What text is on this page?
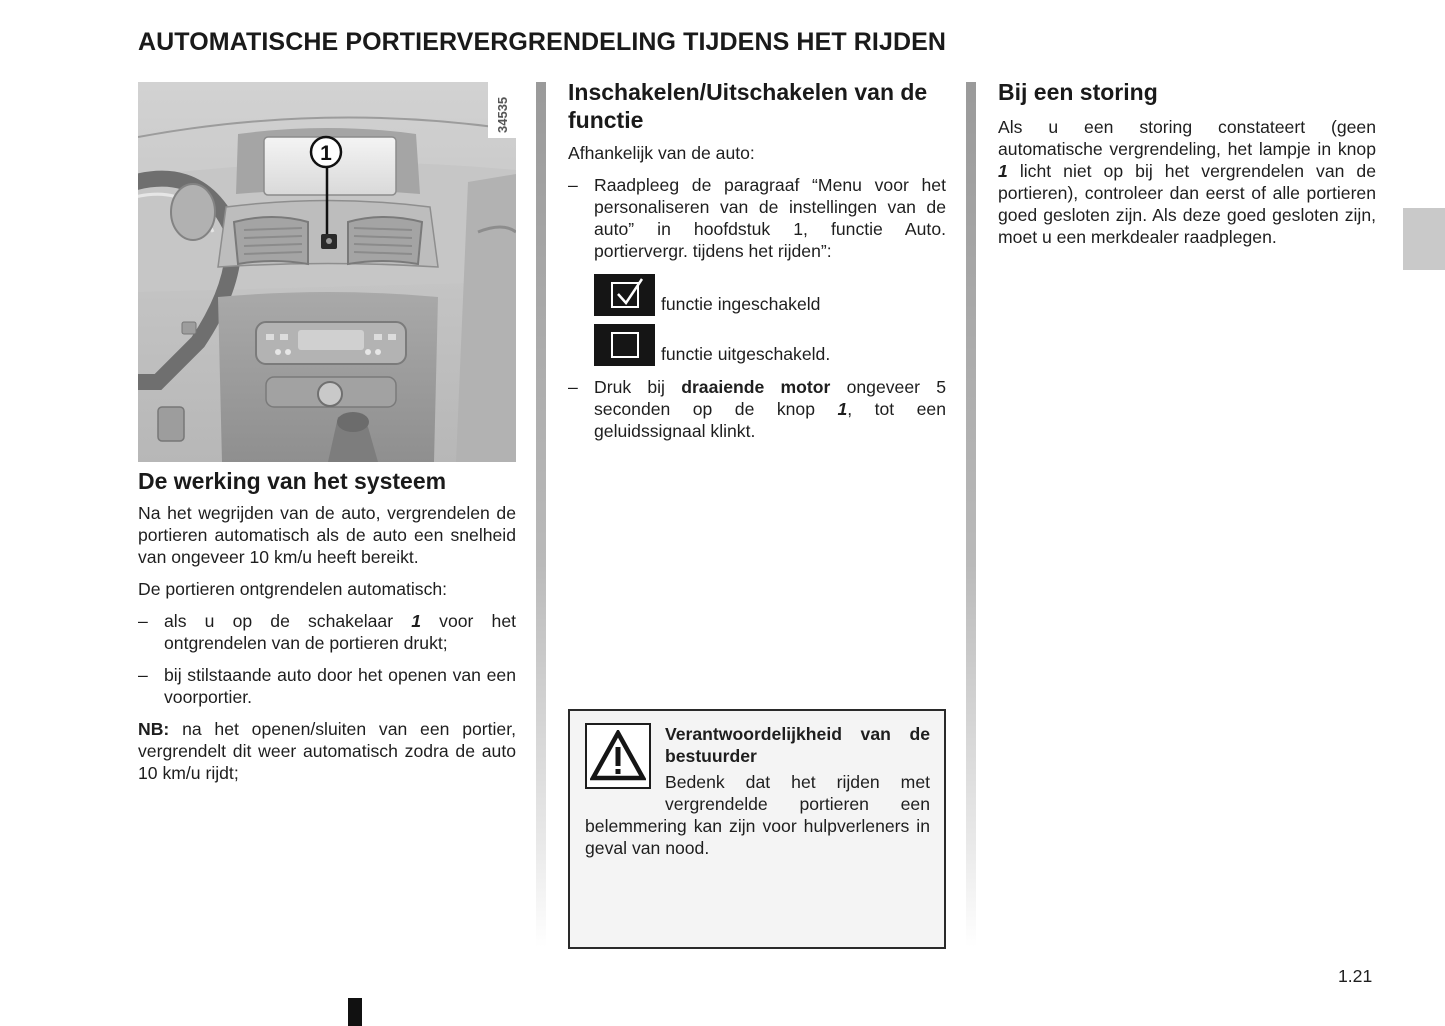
AUTOMATISCHE PORTIERVERGRENDELING TIJDENS HET RIJDEN
1
34535
De werking van het systeem

Na het wegrijden van de auto, vergrendelen de portieren automatisch als de auto een snelheid van ongeveer 10 km/u heeft bereikt.

De portieren ontgrendelen automatisch:

– als u op de schakelaar 1 voor het ontgrendelen van de portieren drukt;
– bij stilstaande auto door het openen van een voorportier.

NB: na het openen/sluiten van een portier, vergrendelt dit weer automatisch zodra de auto 10 km/u rijdt;

Inschakelen/Uitschakelen van de functie

Afhankelijk van de auto:

– Raadpleeg de paragraaf “Menu voor het personaliseren van de instellingen van de auto” in hoofdstuk 1, functie Auto. portiervergr. tijdens het rijden”:
functie ingeschakeld
functie uitgeschakeld.
– Druk bij draaiende motor ongeveer 5 seconden op de knop 1, tot een geluidssignaal klinkt.
Verantwoordelijkheid van de bestuurder
Bedenk dat het rijden met vergrendelde portieren een belemmering kan zijn voor hulpverleners in geval van nood.
Bij een storing

Als u een storing constateert (geen automatische vergrendeling, het lampje in knop 1 licht niet op bij het vergrendelen van de portieren), controleer dan eerst of alle portieren goed gesloten zijn. Als deze goed gesloten zijn, moet u een merkdealer raadplegen.

1.21
